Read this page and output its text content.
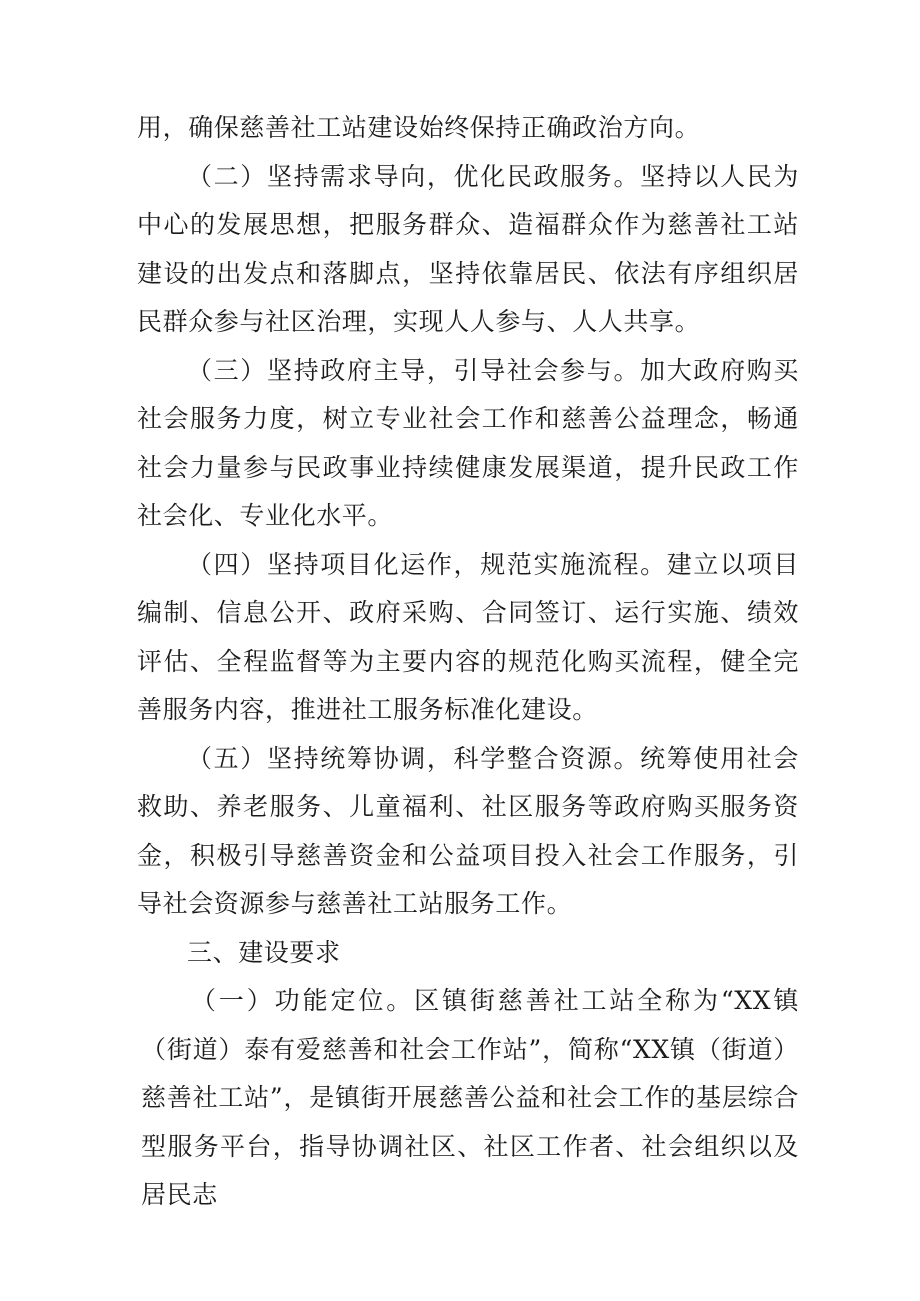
用，确保慈善社工站建设始终保持正确政治方向。

（二）坚持需求导向，优化民政服务。坚持以人民为中心的发展思想，把服务群众、造福群众作为慈善社工站建设的出发点和落脚点，坚持依靠居民、依法有序组织居民群众参与社区治理，实现人人参与、人人共享。

（三）坚持政府主导，引导社会参与。加大政府购买社会服务力度，树立专业社会工作和慈善公益理念，畅通社会力量参与民政事业持续健康发展渠道，提升民政工作社会化、专业化水平。

（四）坚持项目化运作，规范实施流程。建立以项目编制、信息公开、政府采购、合同签订、运行实施、绩效评估、全程监督等为主要内容的规范化购买流程，健全完善服务内容，推进社工服务标准化建设。

（五）坚持统筹协调，科学整合资源。统筹使用社会救助、养老服务、儿童福利、社区服务等政府购买服务资金，积极引导慈善资金和公益项目投入社会工作服务，引导社会资源参与慈善社工站服务工作。

三、建设要求

（一）功能定位。区镇街慈善社工站全称为“XX镇（街道）泰有爱慈善和社会工作站”，简称“XX镇（街道）慈善社工站”，是镇街开展慈善公益和社会工作的基层综合型服务平台，指导协调社区、社区工作者、社会组织以及居民志
